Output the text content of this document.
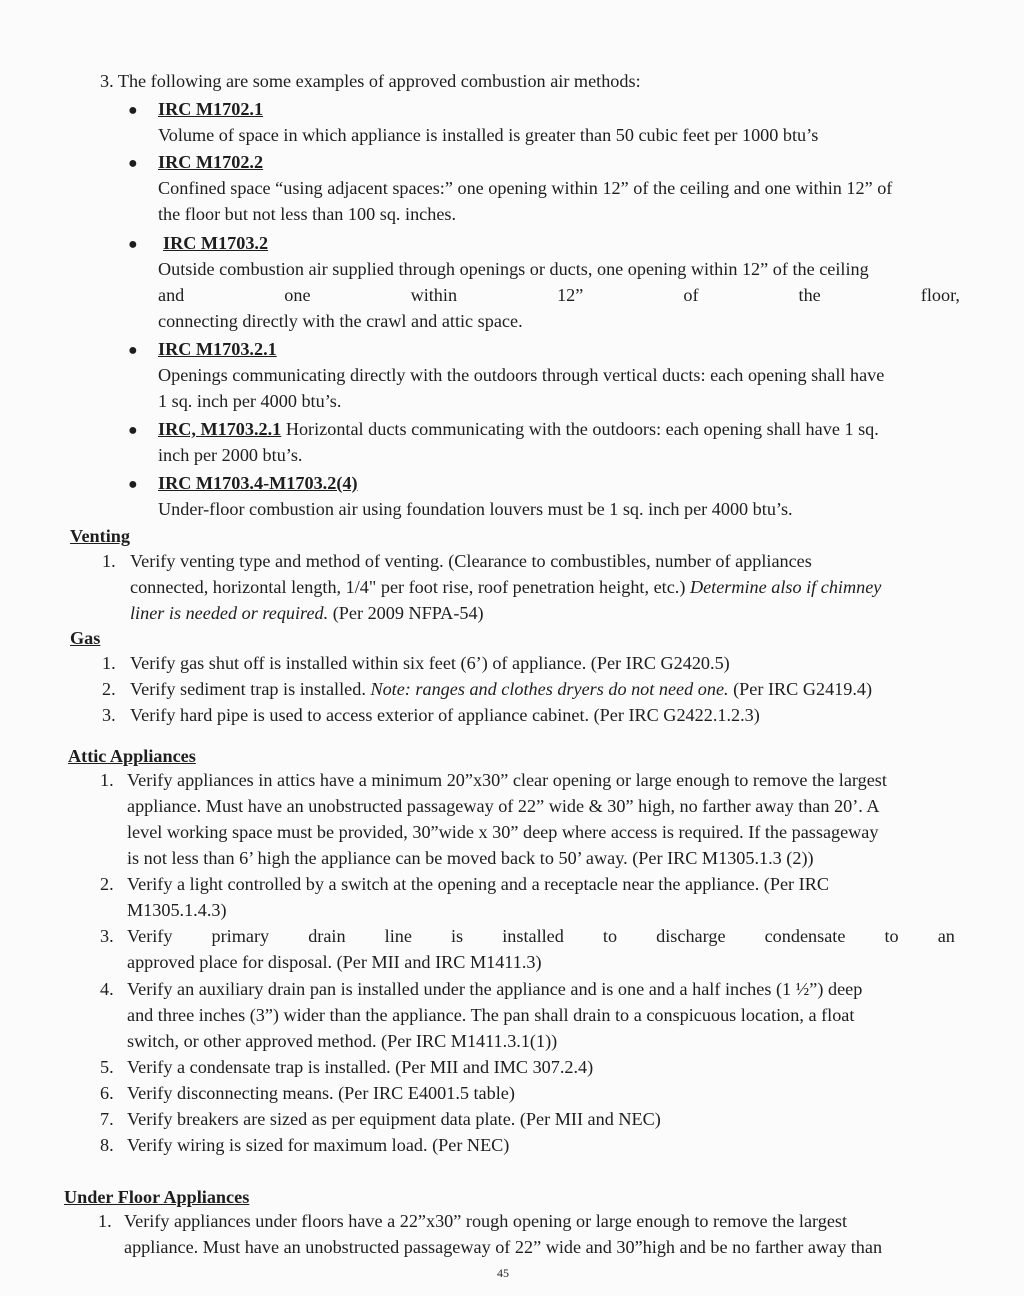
3. The following are some examples of approved combustion air methods:
● IRC M1702.1
Volume of space in which appliance is installed is greater than 50 cubic feet per 1000 btu’s
● IRC M1702.2
Confined space “using adjacent spaces:” one opening within 12” of the ceiling and one within 12” of
the floor but not less than 100 sq. inches.
● IRC M1703.2
Outside combustion air supplied through openings or ducts, one opening within 12” of the ceiling
and	one	within	12”	of	the	floor,
connecting directly with the crawl and attic space.
● IRC M1703.2.1
Openings communicating directly with the outdoors through vertical ducts: each opening shall have
1 sq. inch per 4000 btu’s.
● IRC, M1703.2.1 Horizontal ducts communicating with the outdoors: each opening shall have 1 sq.
inch per 2000 btu’s.
● IRC M1703.4-M1703.2(4)
Under-floor combustion air using foundation louvers must be 1 sq. inch per 4000 btu’s.
Venting
1. Verify venting type and method of venting. (Clearance to combustibles, number of appliances
connected, horizontal length, 1/4" per foot rise, roof penetration height, etc.) Determine also if chimney
liner is needed or required. (Per 2009 NFPA-54)
Gas
1. Verify gas shut off is installed within six feet (6’) of appliance. (Per IRC G2420.5)
2. Verify sediment trap is installed. Note: ranges and clothes dryers do not need one. (Per IRC G2419.4)
3. Verify hard pipe is used to access exterior of appliance cabinet. (Per IRC G2422.1.2.3)
Attic Appliances
1. Verify appliances in attics have a minimum 20”x30” clear opening or large enough to remove the largest
appliance. Must have an unobstructed passageway of 22” wide & 30” high, no farther away than 20’. A
level working space must be provided, 30”wide x 30” deep where access is required. If the passageway
is not less than 6’ high the appliance can be moved back to 50’ away. (Per IRC M1305.1.3 (2))
2. Verify a light controlled by a switch at the opening and a receptacle near the appliance. (Per IRC
M1305.1.4.3)
3. Verify primary drain line is installed to discharge condensate to an
approved place for disposal. (Per MII and IRC M1411.3)
4. Verify an auxiliary drain pan is installed under the appliance and is one and a half inches (1 ½”) deep
and three inches (3”) wider than the appliance. The pan shall drain to a conspicuous location, a float
switch, or other approved method. (Per IRC M1411.3.1(1))
5. Verify a condensate trap is installed. (Per MII and IMC 307.2.4)
6. Verify disconnecting means. (Per IRC E4001.5 table)
7. Verify breakers are sized as per equipment data plate. (Per MII and NEC)
8. Verify wiring is sized for maximum load. (Per NEC)
Under Floor Appliances
1. Verify appliances under floors have a 22”x30” rough opening or large enough to remove the largest
appliance. Must have an unobstructed passageway of 22” wide and 30”high and be no farther away than
45
